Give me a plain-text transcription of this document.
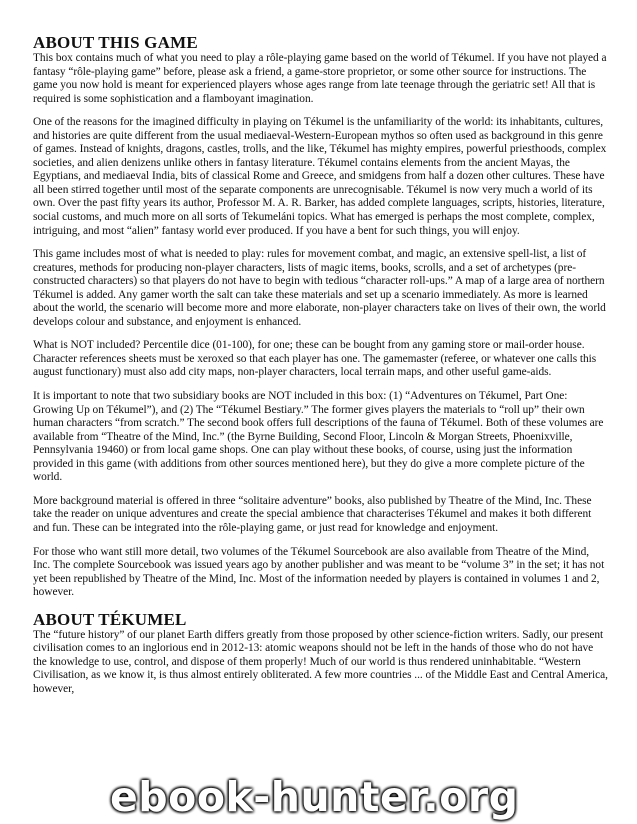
ABOUT THIS GAME

This box contains much of what you need to play a rôle-playing game based on the world of Tékumel. If you have not played a fantasy “rôle-playing game” before, please ask a friend, a game-store proprietor, or some other source for instructions. The game you now hold is meant for experienced players whose ages range from late teenage through the geriatric set! All that is required is some sophistication and a flamboyant imagination.

One of the reasons for the imagined difficulty in playing on Tékumel is the unfamiliarity of the world: its inhabitants, cultures, and histories are quite different from the usual mediaeval-Western-European mythos so often used as background in this genre of games. Instead of knights, dragons, castles, trolls, and the like, Tékumel has mighty empires, powerful priesthoods, complex societies, and alien denizens unlike others in fantasy literature. Tékumel contains elements from the ancient Mayas, the Egyptians, and mediaeval India, bits of classical Rome and Greece, and smidgens from half a dozen other cultures. These have all been stirred together until most of the separate components are unrecognisable. Tékumel is now very much a world of its own. Over the past fifty years its author, Professor M. A. R. Barker, has added complete languages, scripts, histories, literature, social customs, and much more on all sorts of Tekumeláni topics. What has emerged is perhaps the most complete, complex, intriguing, and most “alien” fantasy world ever produced. If you have a bent for such things, you will enjoy.

This game includes most of what is needed to play: rules for movement combat, and magic, an extensive spell-list, a list of creatures, methods for producing non-player characters, lists of magic items, books, scrolls, and a set of archetypes (pre-constructed characters) so that players do not have to begin with tedious “character roll-ups.” A map of a large area of northern Tékumel is added. Any gamer worth the salt can take these materials and set up a scenario immediately. As more is learned about the world, the scenario will become more and more elaborate, non-player characters take on lives of their own, the world develops colour and substance, and enjoyment is enhanced.

What is NOT included? Percentile dice (01-100), for one; these can be bought from any gaming store or mail-order house. Character references sheets must be xeroxed so that each player has one. The gamemaster (referee, or whatever one calls this august functionary) must also add city maps, non-player characters, local terrain maps, and other useful game-aids.

It is important to note that two subsidiary books are NOT included in this box: (1) “Adventures on Tékumel, Part One: Growing Up on Tékumel”), and (2) The “Tékumel Bestiary.” The former gives players the materials to “roll up” their own human characters “from scratch.” The second book offers full descriptions of the fauna of Tékumel. Both of these volumes are available from “Theatre of the Mind, Inc.” (the Byrne Building, Second Floor, Lincoln & Morgan Streets, Phoenixville, Pennsylvania 19460) or from local game shops. One can play without these books, of course, using just the information provided in this game (with additions from other sources mentioned here), but they do give a more complete picture of the world.

More background material is offered in three “solitaire adventure” books, also published by Theatre of the Mind, Inc. These take the reader on unique adventures and create the special ambience that characterises Tékumel and makes it both different and fun. These can be integrated into the rôle-playing game, or just read for knowledge and enjoyment.

For those who want still more detail, two volumes of the Tékumel Sourcebook are also available from Theatre of the Mind, Inc. The complete Sourcebook was issued years ago by another publisher and was meant to be “volume 3” in the set; it has not yet been republished by Theatre of the Mind, Inc. Most of the information needed by players is contained in volumes 1 and 2, however.

ABOUT TÉKUMEL

The “future history” of our planet Earth differs greatly from those proposed by other science-fiction writers. Sadly, our present civilisation comes to an inglorious end in 2012-13: atomic weapons should not be left in the hands of those who do not have the knowledge to use, control, and dispose of them properly! Much of our world is thus rendered uninhabitable. “Western Civilisation, as we know it, is thus almost entirely obliterated. A few more countries ... of the Middle East and Central America, however,

ebook-hunter.org
